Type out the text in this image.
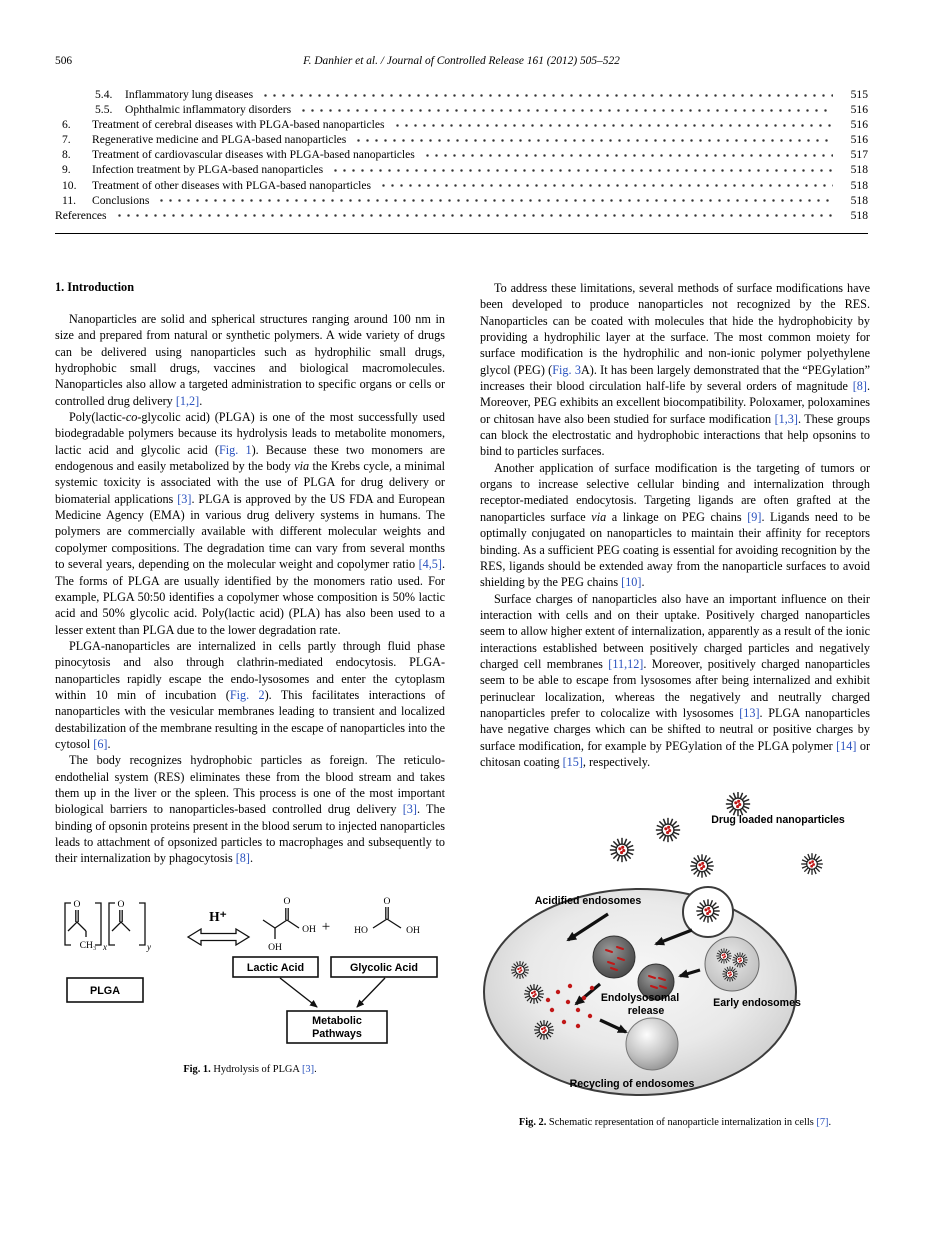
506	F. Danhier et al. / Journal of Controlled Release 161 (2012) 505–522
5.4.	Inflammatory lung diseases	515
5.5.	Ophthalmic inflammatory disorders	516
6.	Treatment of cerebral diseases with PLGA-based nanoparticles	516
7.	Regenerative medicine and PLGA-based nanoparticles	516
8.	Treatment of cardiovascular diseases with PLGA-based nanoparticles	517
9.	Infection treatment by PLGA-based nanoparticles	518
10.	Treatment of other diseases with PLGA-based nanoparticles	518
11.	Conclusions	518
References	518
1. Introduction

Nanoparticles are solid and spherical structures ranging around 100 nm in size and prepared from natural or synthetic polymers. A wide variety of drugs can be delivered using nanoparticles such as hydrophilic small drugs, hydrophobic small drugs, vaccines and biological macromolecules. Nanoparticles also allow a targeted administration to specific organs or cells or controlled drug delivery [1,2].

Poly(lactic-co-glycolic acid) (PLGA) is one of the most successfully used biodegradable polymers because its hydrolysis leads to metabolite monomers, lactic acid and glycolic acid (Fig. 1). Because these two monomers are endogenous and easily metabolized by the body via the Krebs cycle, a minimal systemic toxicity is associated with the use of PLGA for drug delivery or biomaterial applications [3]. PLGA is approved by the US FDA and European Medicine Agency (EMA) in various drug delivery systems in humans. The polymers are commercially available with different molecular weights and copolymer compositions. The degradation time can vary from several months to several years, depending on the molecular weight and copolymer ratio [4,5]. The forms of PLGA are usually identified by the monomers ratio used. For example, PLGA 50:50 identifies a copolymer whose composition is 50% lactic acid and 50% glycolic acid. Poly(lactic acid) (PLA) has also been used to a lesser extent than PLGA due to the lower degradation rate.

PLGA-nanoparticles are internalized in cells partly through fluid phase pinocytosis and also through clathrin-mediated endocytosis. PLGA-nanoparticles rapidly escape the endo-lysosomes and enter the cytoplasm within 10 min of incubation (Fig. 2). This facilitates interactions of nanoparticles with the vesicular membranes leading to transient and localized destabilization of the membrane resulting in the escape of nanoparticles into the cytosol [6].

The body recognizes hydrophobic particles as foreign. The reticulo-endothelial system (RES) eliminates these from the blood stream and takes them up in the liver or the spleen. This process is one of the most important biological barriers to nanoparticles-based controlled drug delivery [3]. The binding of opsonin proteins present in the blood serum to injected nanoparticles leads to attachment of opsonized particles to macrophages and subsequently to their internalization by phagocytosis [8].

O	O
CH₃ x	y
PLGA
H⁺
O
OH
OH +
O
HO	OH
Lactic Acid	Glycolic Acid
Metabolic
Pathways
Fig. 1. Hydrolysis of PLGA [3].

To address these limitations, several methods of surface modifications have been developed to produce nanoparticles not recognized by the RES. Nanoparticles can be coated with molecules that hide the hydrophobicity by providing a hydrophilic layer at the surface. The most common moiety for surface modification is the hydrophilic and non-ionic polymer polyethylene glycol (PEG) (Fig. 3A). It has been largely demonstrated that the “PEGylation” increases their blood circulation half-life by several orders of magnitude [8]. Moreover, PEG exhibits an excellent biocompatibility. Poloxamer, poloxamines or chitosan have also been studied for surface modification [1,3]. These groups can block the electrostatic and hydrophobic interactions that help opsonins to bind to particles surfaces.

Another application of surface modification is the targeting of tumors or organs to increase selective cellular binding and internalization through receptor-mediated endocytosis. Targeting ligands are often grafted at the nanoparticles surface via a linkage on PEG chains [9]. Ligands need to be optimally conjugated on nanoparticles to maintain their affinity for receptors binding. As a sufficient PEG coating is essential for avoiding recognition by the RES, ligands should be extended away from the nanoparticle surfaces to avoid shielding by the PEG chains [10].

Surface charges of nanoparticles also have an important influence on their interaction with cells and on their uptake. Positively charged nanoparticles seem to allow higher extent of internalization, apparently as a result of the ionic interactions established between positively charged particles and negatively charged cell membranes [11,12]. Moreover, positively charged nanoparticles seem to be able to escape from lysosomes after being internalized and exhibit perinuclear localization, whereas the negatively and neutrally charged nanoparticles prefer to colocalize with lysosomes [13]. PLGA nanoparticles have negative charges which can be shifted to neutral or positive charges by surface modification, for example by PEGylation of the PLGA polymer [14] or chitosan coating [15], respectively.

Drug loaded nanoparticles
Acidified endosomes
Endolysosomal
release
Early endosomes
Recycling of endosomes
Fig. 2. Schematic representation of nanoparticle internalization in cells [7].
